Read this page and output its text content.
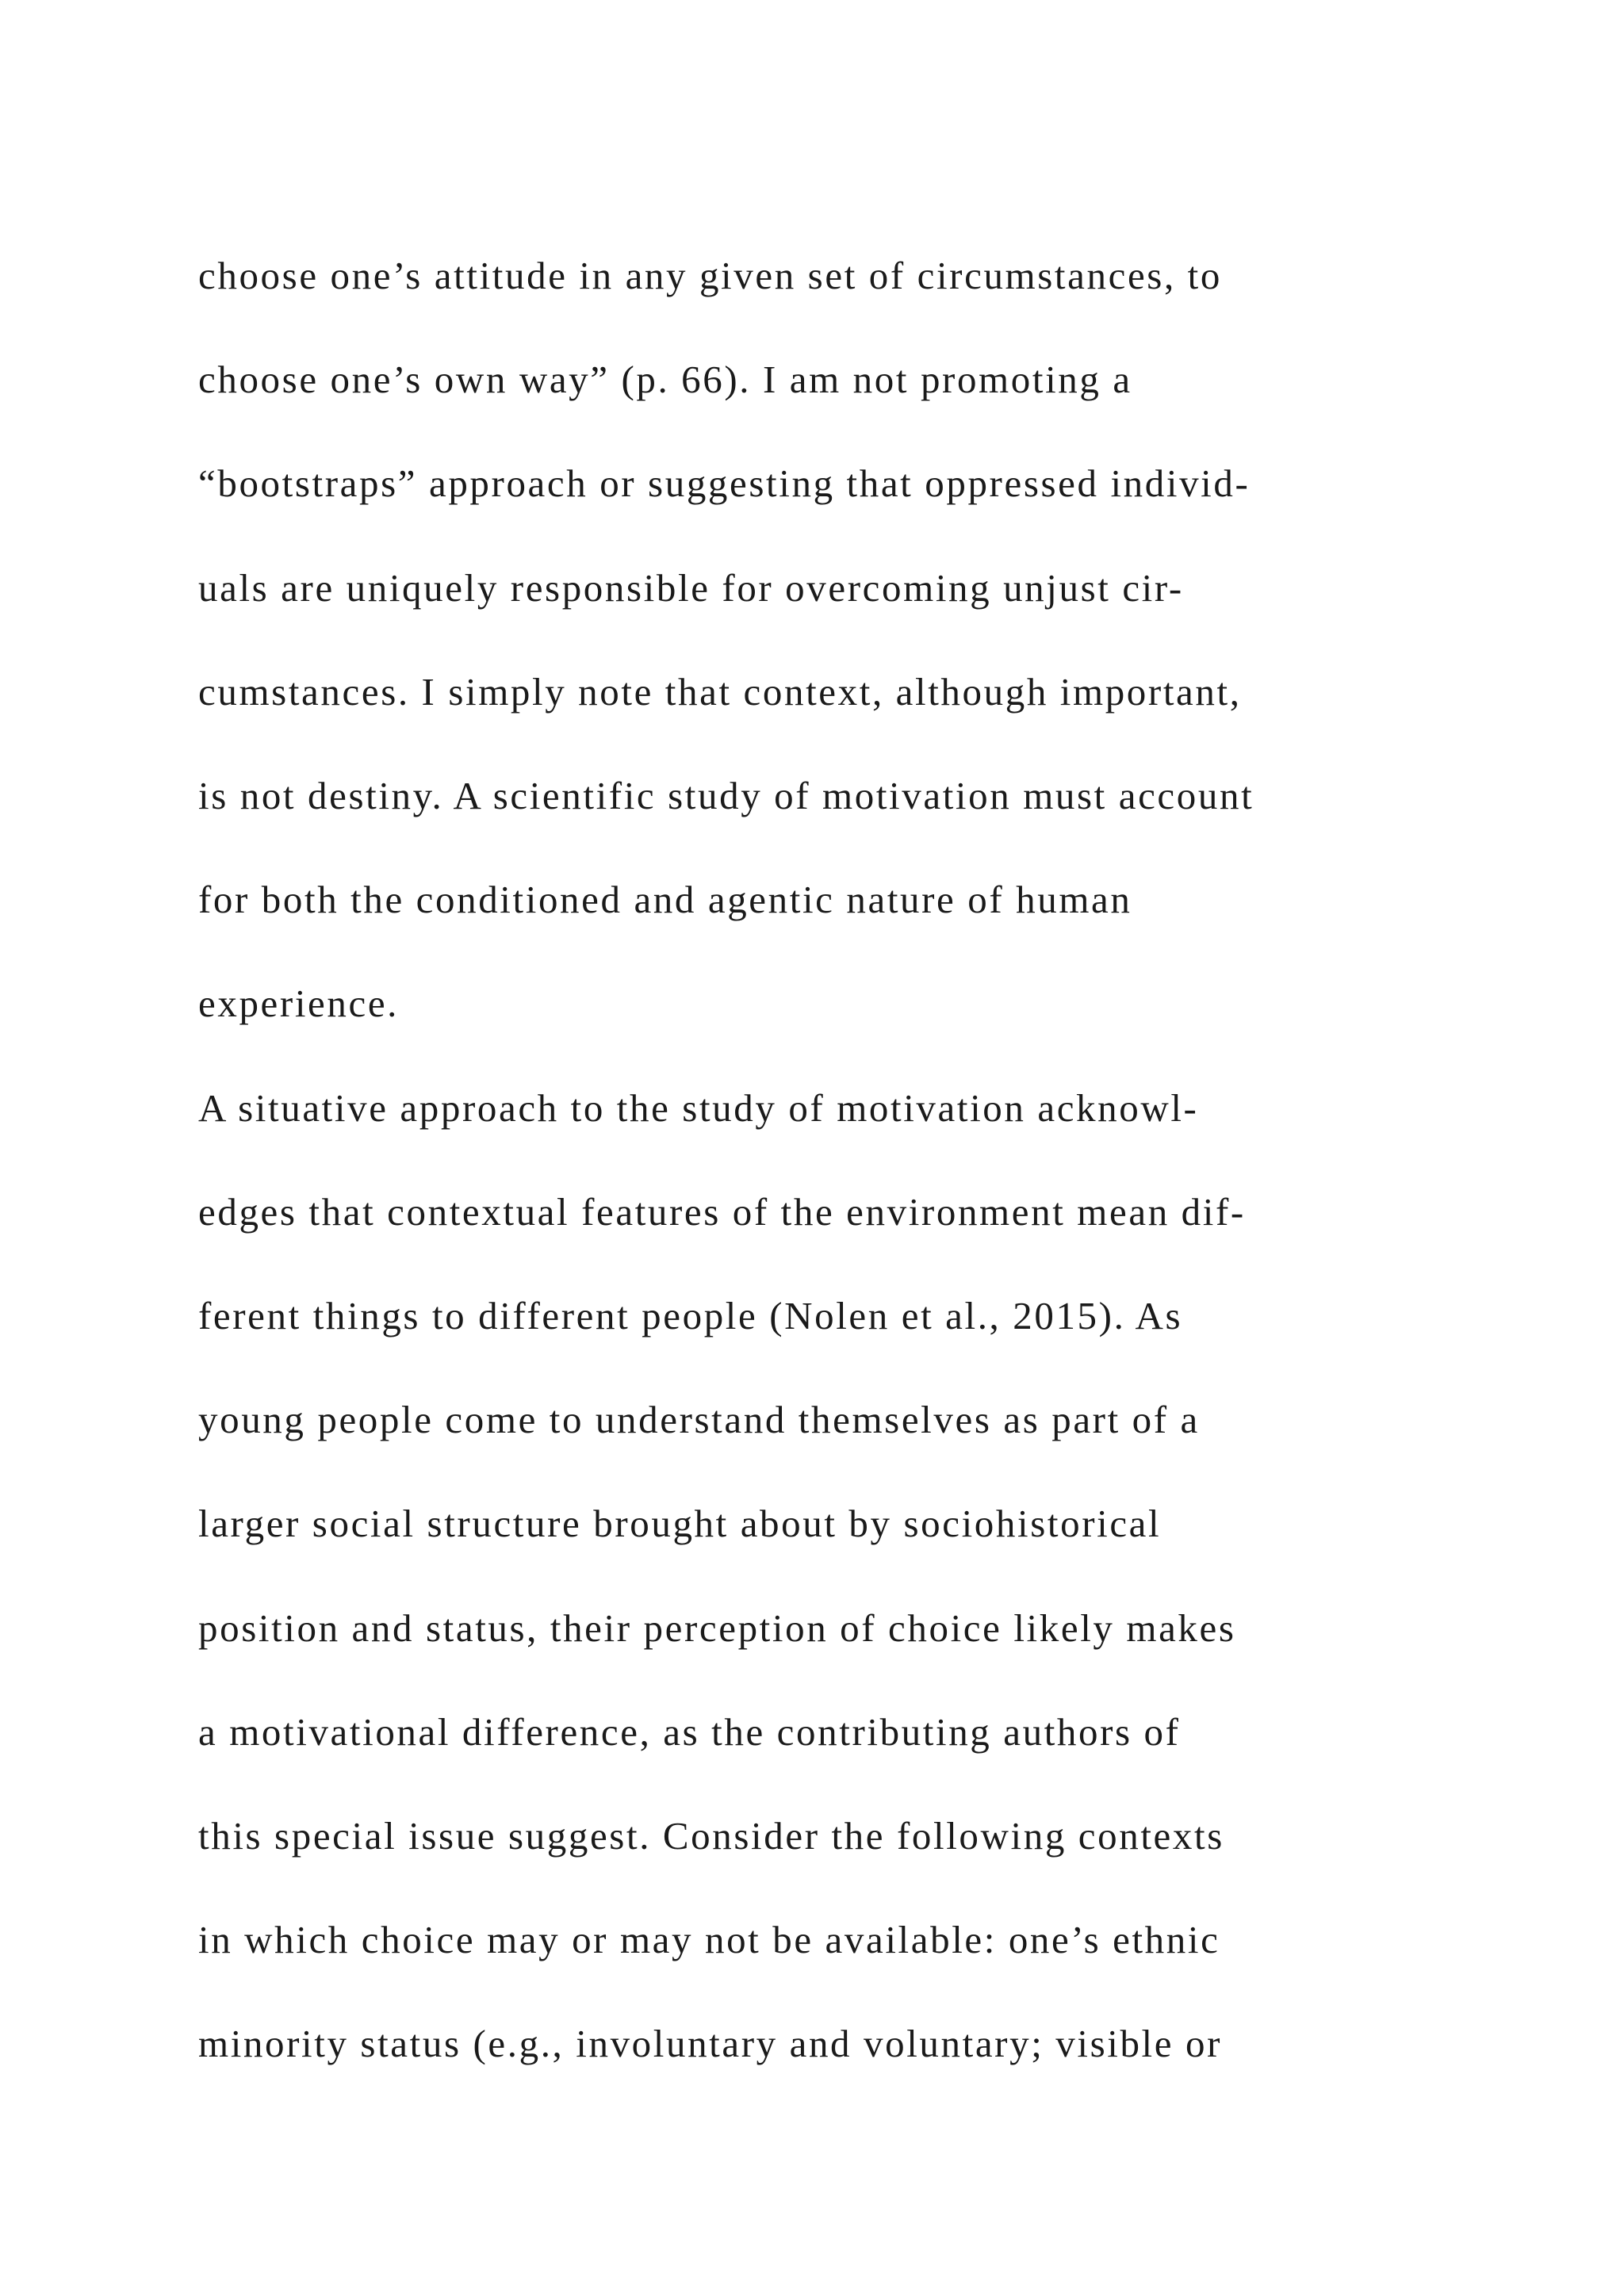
choose one’s attitude in any given set of circumstances, to
choose one’s own way” (p. 66). I am not promoting a
“bootstraps” approach or suggesting that oppressed individ-
uals are uniquely responsible for overcoming unjust cir-
cumstances. I simply note that context, although important,
is not destiny. A scientific study of motivation must account
for both the conditioned and agentic nature of human
experience.
A situative approach to the study of motivation acknowl-
edges that contextual features of the environment mean dif-
ferent things to different people (Nolen et al., 2015). As
young people come to understand themselves as part of a
larger social structure brought about by sociohistorical
position and status, their perception of choice likely makes
a motivational difference, as the contributing authors of
this special issue suggest. Consider the following contexts
in which choice may or may not be available: one’s ethnic
minority status (e.g., involuntary and voluntary; visible or
